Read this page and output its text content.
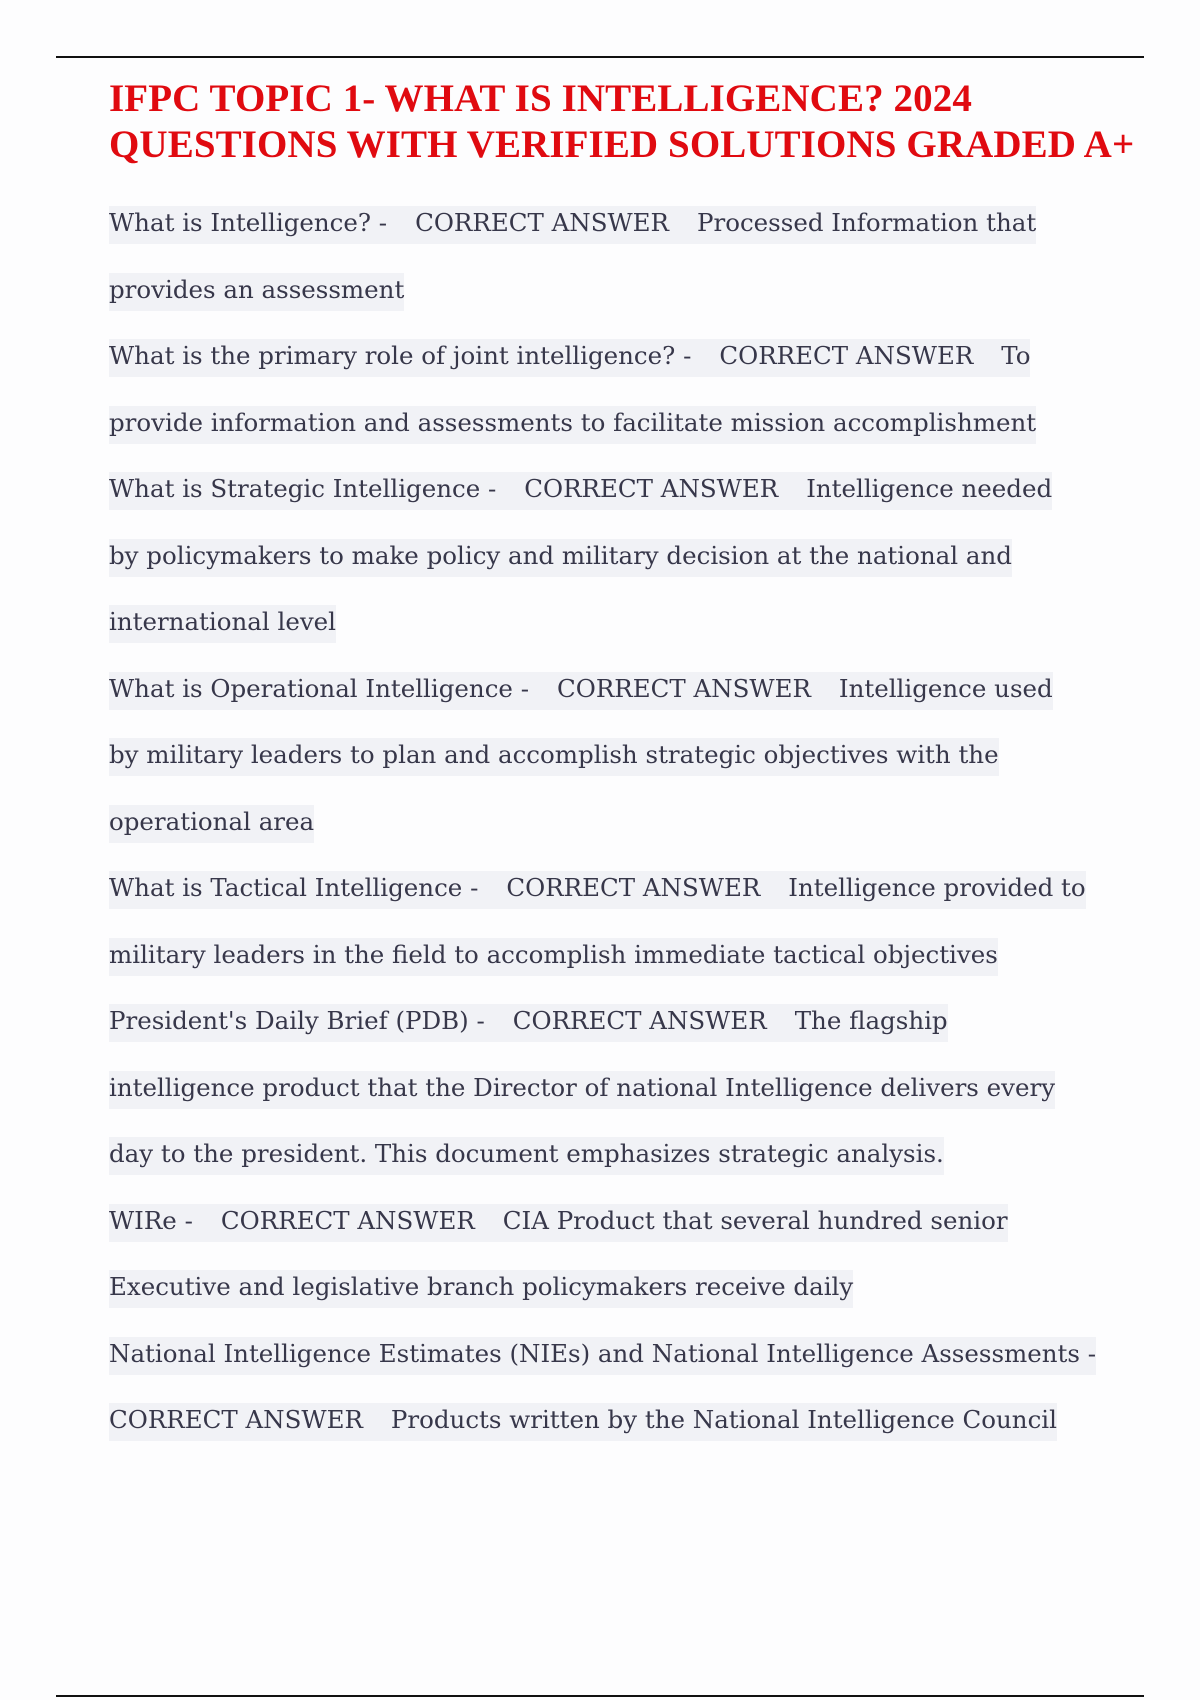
IFPC TOPIC 1- WHAT IS INTELLIGENCE? 2024 QUESTIONS WITH VERIFIED SOLUTIONS GRADED A+
What is Intelligence? - CORRECT ANSWER Processed Information that
provides an assessment
What is the primary role of joint intelligence? - CORRECT ANSWER To
provide information and assessments to facilitate mission accomplishment
What is Strategic Intelligence - CORRECT ANSWER Intelligence needed
by policymakers to make policy and military decision at the national and
international level
What is Operational Intelligence - CORRECT ANSWER Intelligence used
by military leaders to plan and accomplish strategic objectives with the
operational area
What is Tactical Intelligence - CORRECT ANSWER Intelligence provided to
military leaders in the field to accomplish immediate tactical objectives
President's Daily Brief (PDB) - CORRECT ANSWER The flagship
intelligence product that the Director of national Intelligence delivers every
day to the president. This document emphasizes strategic analysis.
WIRe - CORRECT ANSWER CIA Product that several hundred senior
Executive and legislative branch policymakers receive daily
National Intelligence Estimates (NIEs) and National Intelligence Assessments -
CORRECT ANSWER Products written by the National Intelligence Council
